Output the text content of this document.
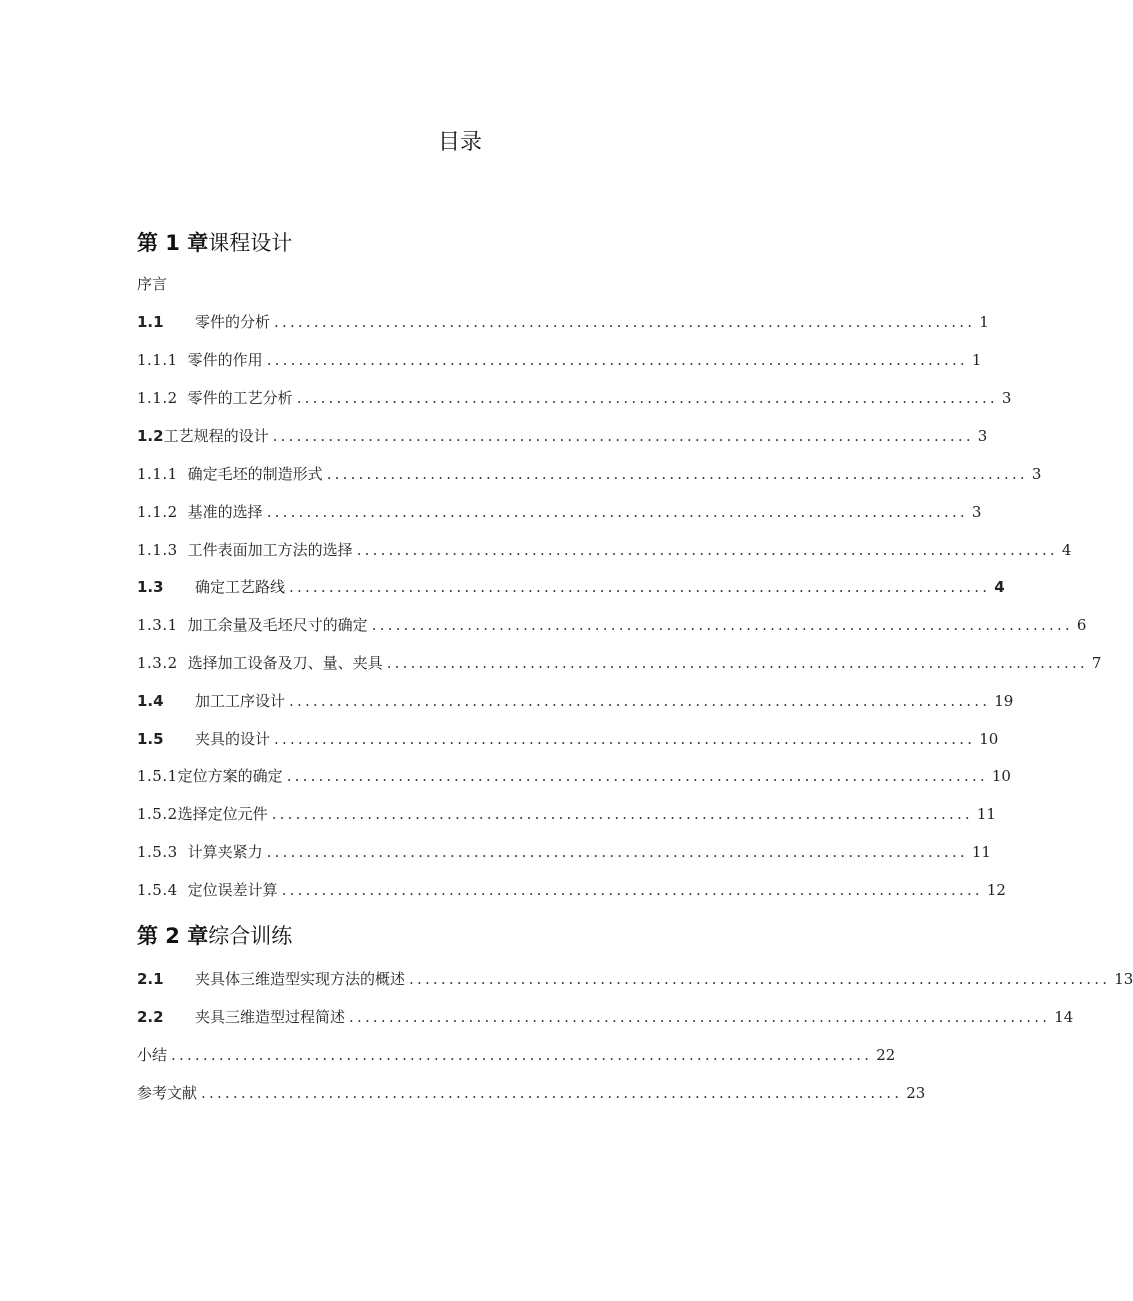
目录
第 1 章课程设计
序言
1.1	零件的分析 ........................................................................................ 1
1.1.1 零件的作用 ........................................................................................ 1
1.1.2 零件的工艺分析 ........................................................................................ 3
1.2 工艺规程的设计 ........................................................................................ 3
1.1.1 确定毛坯的制造形式 ........................................................................................ 3
1.1.2 基准的选择 ........................................................................................ 3
1.1.3 工件表面加工方法的选择 ........................................................................................ 4
1.3	确定工艺路线 ........................................................................................ 4
1.3.1 加工余量及毛坯尺寸的确定 ........................................................................................ 6
1.3.2 选择加工设备及刀、量、夹具 ........................................................................................ 7
1.4	加工工序设计 ........................................................................................ 19
1.5	夹具的设计 ........................................................................................ 10
1.5.1 定位方案的确定 ........................................................................................ 10
1.5.2 选择定位元件 ........................................................................................ 11
1.5.3 计算夹紧力 ........................................................................................ 11
1.5.4 定位误差计算 ........................................................................................ 12
第 2 章综合训练
2.1	夹具体三维造型实现方法的概述 ........................................................................................ 13
2.2	夹具三维造型过程简述 ........................................................................................ 14
小结 ........................................................................................ 22
参考文献 ........................................................................................ 23
